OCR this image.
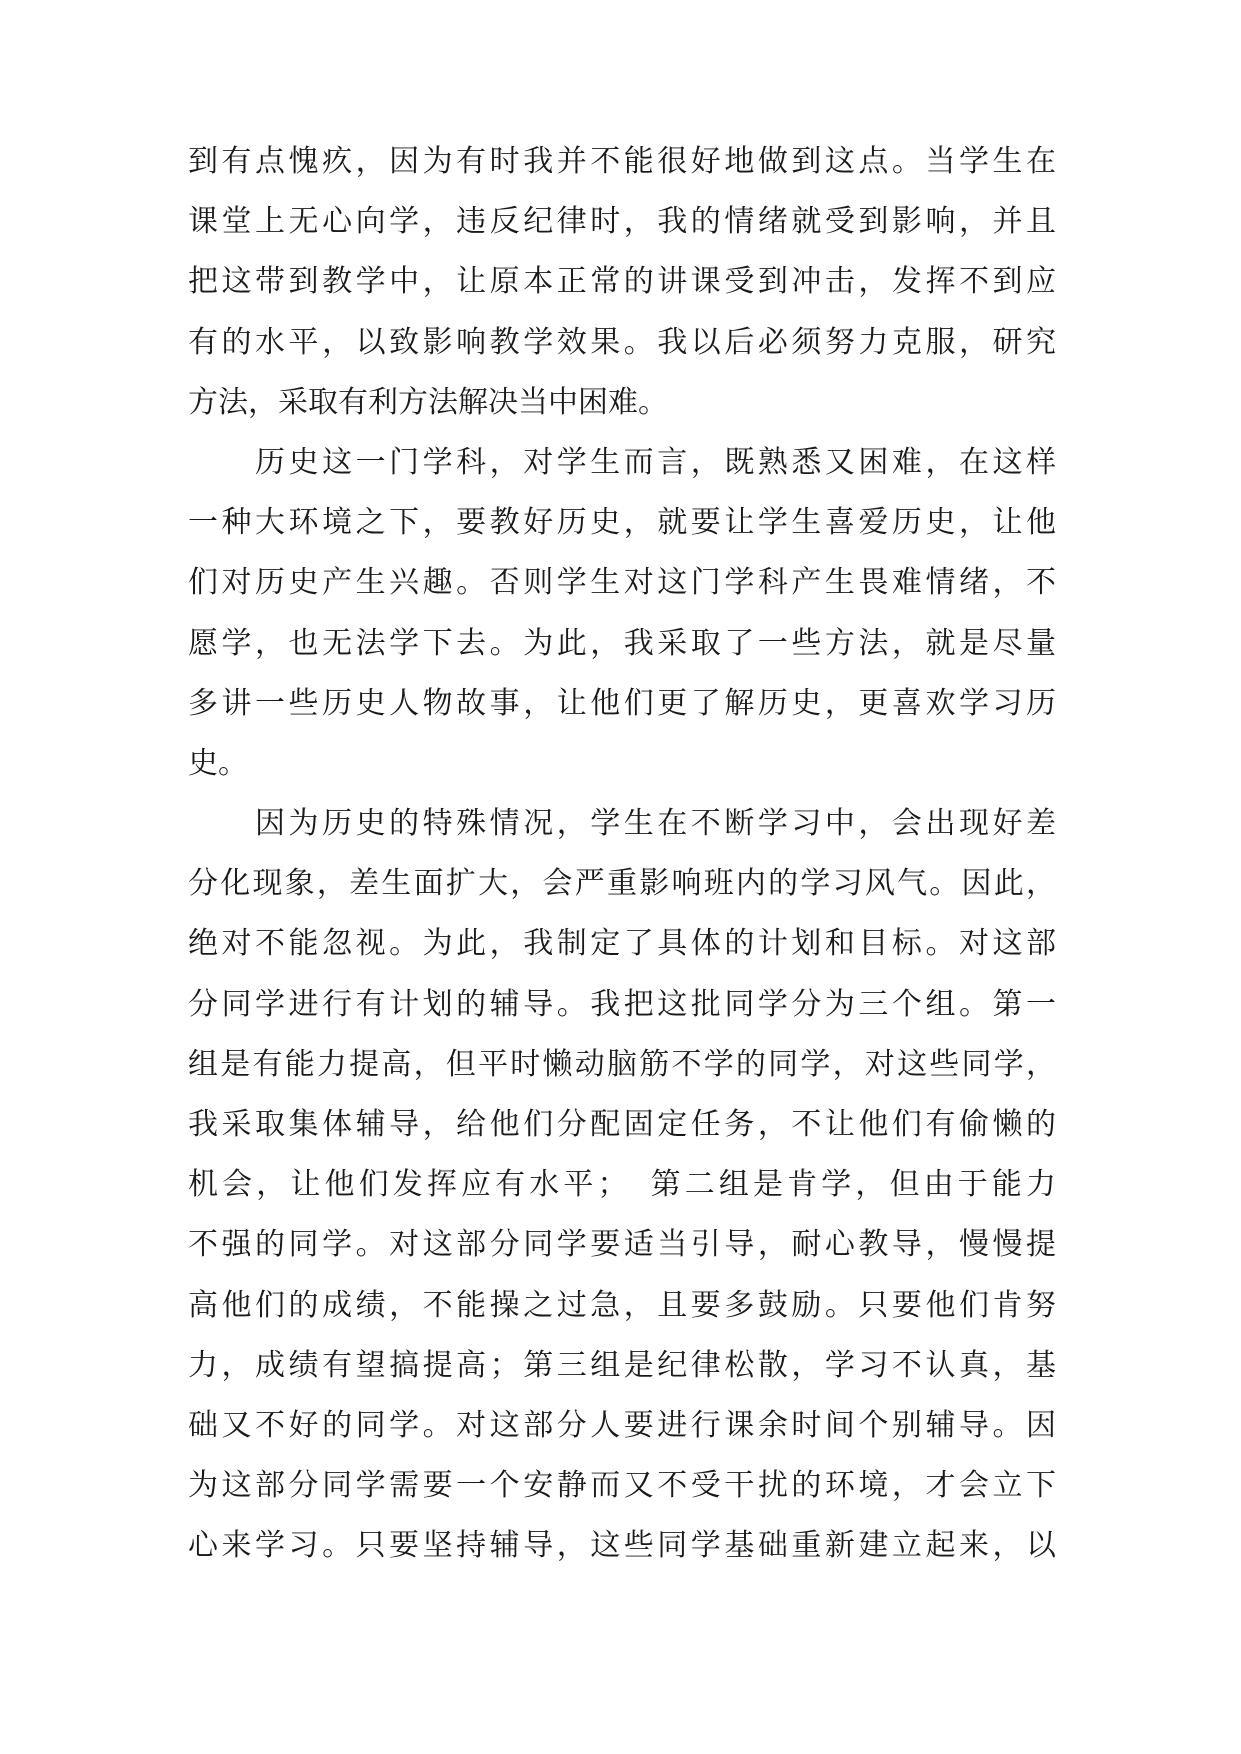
到有点愧疚，因为有时我并不能很好地做到这点。当学生在
课堂上无心向学，违反纪律时，我的情绪就受到影响，并且
把这带到教学中，让原本正常的讲课受到冲击，发挥不到应
有的水平，以致影响教学效果。我以后必须努力克服，研究
方法，采取有利方法解决当中困难。
　　历史这一门学科，对学生而言，既熟悉又困难，在这样
一种大环境之下，要教好历史，就要让学生喜爱历史，让他
们对历史产生兴趣。否则学生对这门学科产生畏难情绪，不
愿学，也无法学下去。为此，我采取了一些方法，就是尽量
多讲一些历史人物故事，让他们更了解历史，更喜欢学习历
史。
　　因为历史的特殊情况，学生在不断学习中，会出现好差
分化现象，差生面扩大，会严重影响班内的学习风气。因此，
绝对不能忽视。为此，我制定了具体的计划和目标。对这部
分同学进行有计划的辅导。我把这批同学分为三个组。第一
组是有能力提高，但平时懒动脑筋不学的同学，对这些同学，
我采取集体辅导，给他们分配固定任务，不让他们有偷懒的
机会，让他们发挥应有水平；　第二组是肯学，但由于能力
不强的同学。对这部分同学要适当引导，耐心教导，慢慢提
高他们的成绩，不能操之过急，且要多鼓励。只要他们肯努
力，成绩有望搞提高；第三组是纪律松散，学习不认真，基
础又不好的同学。对这部分人要进行课余时间个别辅导。因
为这部分同学需要一个安静而又不受干扰的环境，才会立下
心来学习。只要坚持辅导，这些同学基础重新建立起来，以
